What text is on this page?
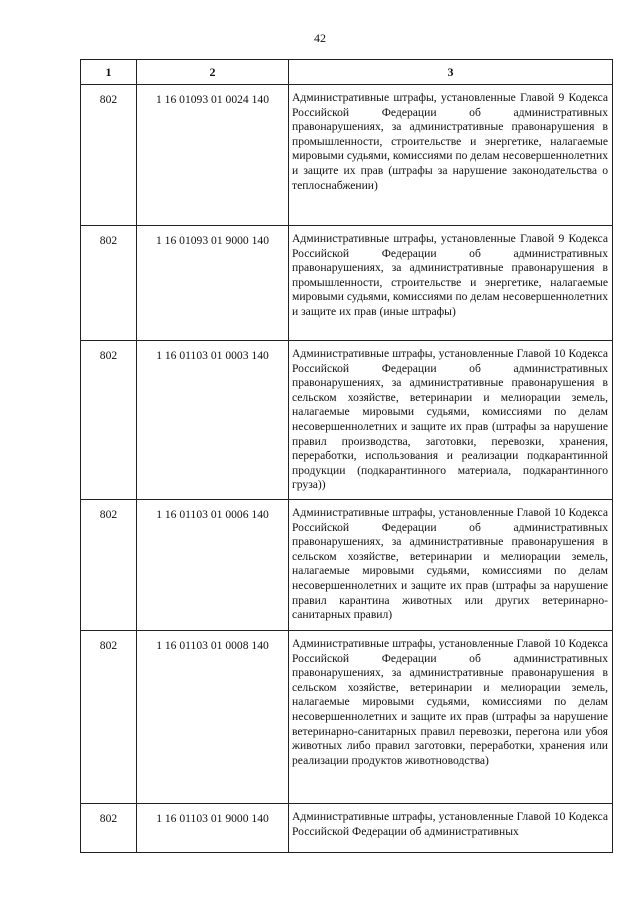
42
1	2	3
802	1 16 01093 01 0024 140	Административные штрафы, установленные Главой 9 Кодекса Российской Федерации об административных правонарушениях, за административные правонарушения в промышленности, строительстве и энергетике, налагаемые мировыми судьями, комиссиями по делам несовершеннолетних и защите их прав (штрафы за нарушение законодательства о теплоснабжении)
802	1 16 01093 01 9000 140	Административные штрафы, установленные Главой 9 Кодекса Российской Федерации об административных правонарушениях, за административные правонарушения в промышленности, строительстве и энергетике, налагаемые мировыми судьями, комиссиями по делам несовершеннолетних и защите их прав (иные штрафы)
802	1 16 01103 01 0003 140	Административные штрафы, установленные Главой 10 Кодекса Российской Федерации об административных правонарушениях, за административные правонарушения в сельском хозяйстве, ветеринарии и мелиорации земель, налагаемые мировыми судьями, комиссиями по делам несовершеннолетних и защите их прав (штрафы за нарушение правил производства, заготовки, перевозки, хранения, переработки, использования и реализации подкарантинной продукции (подкарантинного материала, подкарантинного груза))
802	1 16 01103 01 0006 140	Административные штрафы, установленные Главой 10 Кодекса Российской Федерации об административных правонарушениях, за административные правонарушения в сельском хозяйстве, ветеринарии и мелиорации земель, налагаемые мировыми судьями, комиссиями по делам несовершеннолетних и защите их прав (штрафы за нарушение правил карантина животных или других ветеринарно-санитарных правил)
802	1 16 01103 01 0008 140	Административные штрафы, установленные Главой 10 Кодекса Российской Федерации об административных правонарушениях, за административные правонарушения в сельском хозяйстве, ветеринарии и мелиорации земель, налагаемые мировыми судьями, комиссиями по делам несовершеннолетних и защите их прав (штрафы за нарушение ветеринарно-санитарных правил перевозки, перегона или убоя животных либо правил заготовки, переработки, хранения или реализации продуктов животноводства)
802	1 16 01103 01 9000 140	Административные штрафы, установленные Главой 10 Кодекса Российской Федерации об административных
